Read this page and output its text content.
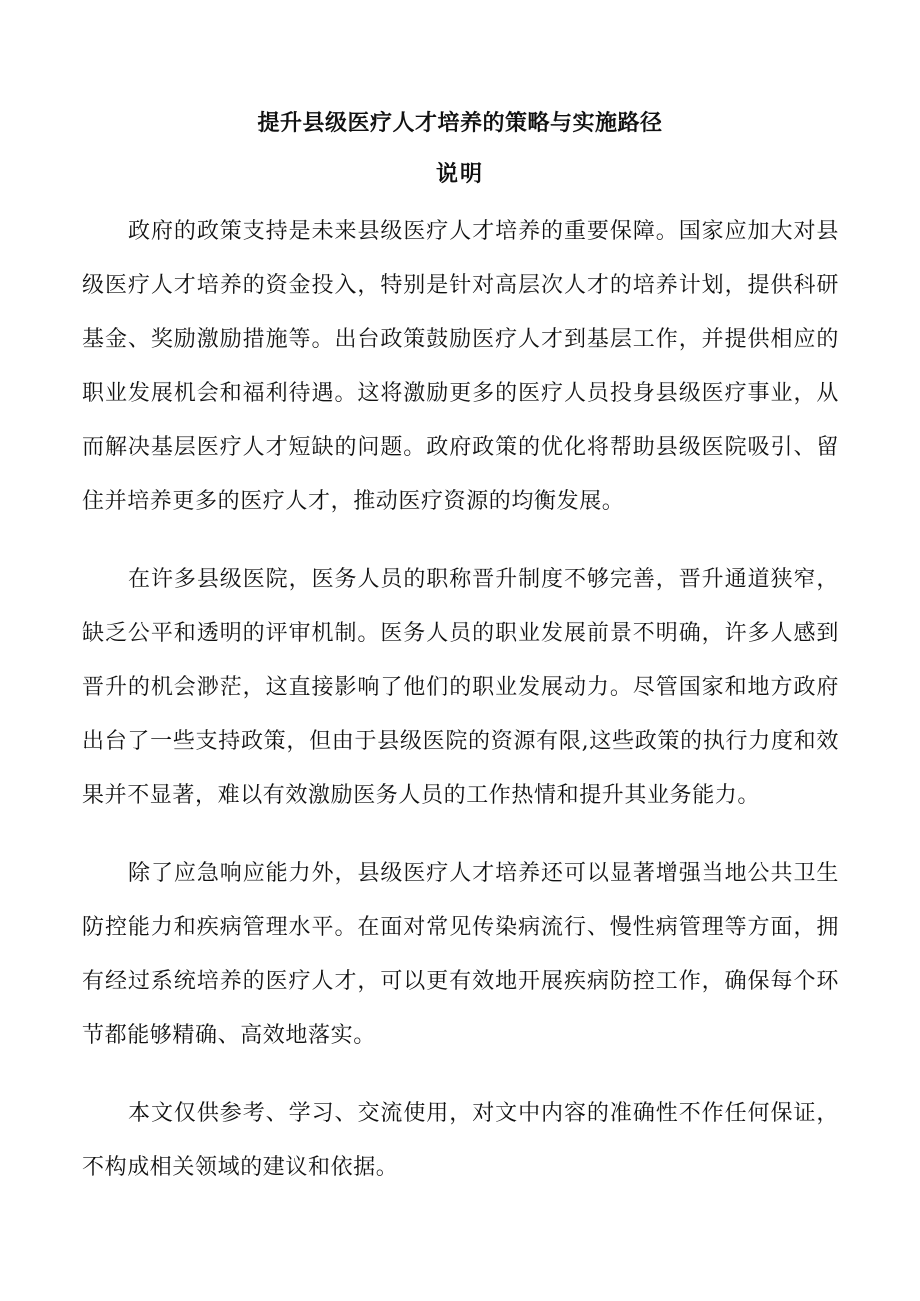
提升县级医疗人才培养的策略与实施路径
说明

政府的政策支持是未来县级医疗人才培养的重要保障。国家应加大对县级医疗人才培养的资金投入，特别是针对高层次人才的培养计划，提供科研基金、奖励激励措施等。出台政策鼓励医疗人才到基层工作，并提供相应的职业发展机会和福利待遇。这将激励更多的医疗人员投身县级医疗事业，从而解决基层医疗人才短缺的问题。政府政策的优化将帮助县级医院吸引、留住并培养更多的医疗人才，推动医疗资源的均衡发展。

在许多县级医院，医务人员的职称晋升制度不够完善，晋升通道狭窄，缺乏公平和透明的评审机制。医务人员的职业发展前景不明确，许多人感到晋升的机会渺茫，这直接影响了他们的职业发展动力。尽管国家和地方政府出台了一些支持政策，但由于县级医院的资源有限,这些政策的执行力度和效果并不显著，难以有效激励医务人员的工作热情和提升其业务能力。

除了应急响应能力外，县级医疗人才培养还可以显著增强当地公共卫生防控能力和疾病管理水平。在面对常见传染病流行、慢性病管理等方面，拥有经过系统培养的医疗人才，可以更有效地开展疾病防控工作，确保每个环节都能够精确、高效地落实。

本文仅供参考、学习、交流使用，对文中内容的准确性不作任何保证，不构成相关领域的建议和依据。
